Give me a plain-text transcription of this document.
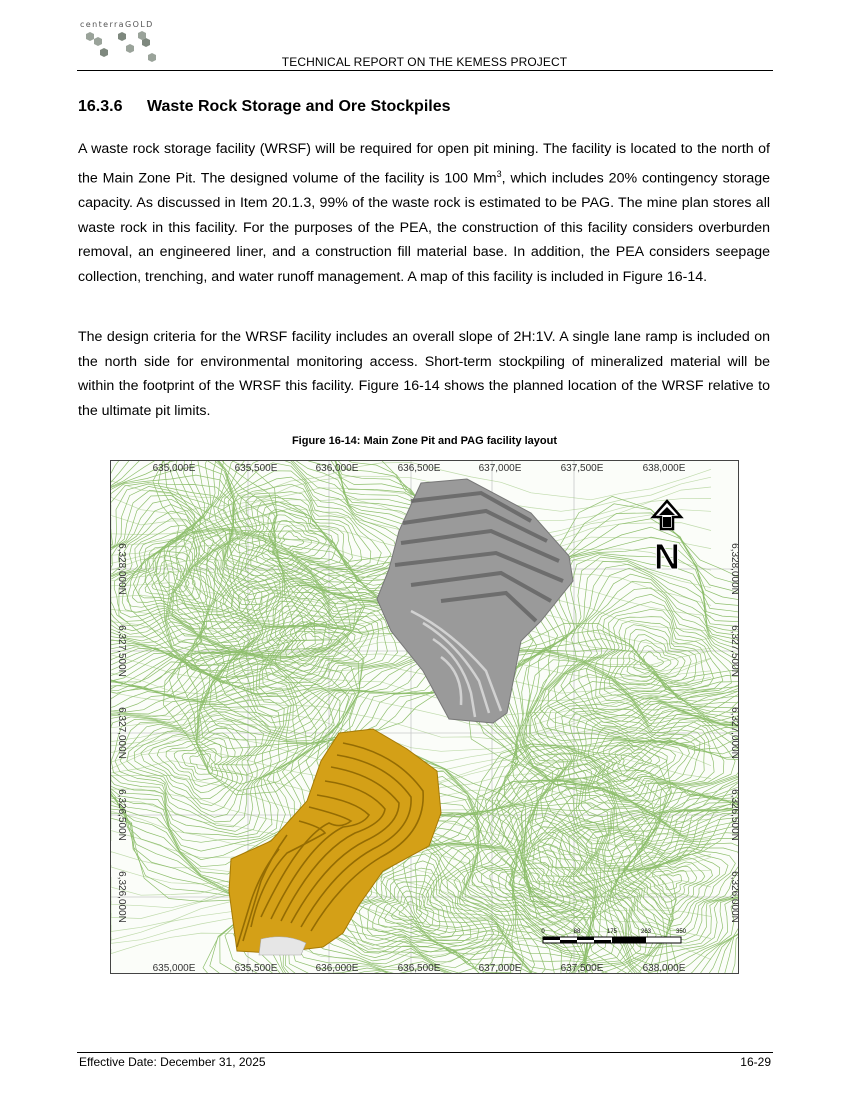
centerraGOLD
TECHNICAL REPORT ON THE KEMESS PROJECT
16.3.6 Waste Rock Storage and Ore Stockpiles
A waste rock storage facility (WRSF) will be required for open pit mining. The facility is located to the north of the Main Zone Pit. The designed volume of the facility is 100 Mm$^3$, which includes 20% contingency storage capacity. As discussed in Item 20.1.3, 99% of the waste rock is estimated to be PAG. The mine plan stores all waste rock in this facility. For the purposes of the PEA, the construction of this facility considers overburden removal, an engineered liner, and a construction fill material base. In addition, the PEA considers seepage collection, trenching, and water runoff management. A map of this facility is included in Figure 16-14.
The design criteria for the WRSF facility includes an overall slope of 2H:1V. A single lane ramp is included on the north side for environmental monitoring access. Short-term stockpiling of mineralized material will be within the footprint of the WRSF this facility. Figure 16-14 shows the planned location of the WRSF relative to the ultimate pit limits.
Figure 16-14: Main Zone Pit and PAG facility layout
635,000E	635,500E	636,000E	636,500E	637,000E	637,500E	638,000E
635,000E	635,500E	636,000E	636,500E	637,000E	637,500E	638,000E
6,328,000N
6,327,500N
6,327,000N
6,326,500N
6,326,000N
6,328,000N
6,327,500N
6,327,000N
6,326,500N
6,326,000N
N
0	88	175	263	350
Effective Date: December 31, 2025	16-29
